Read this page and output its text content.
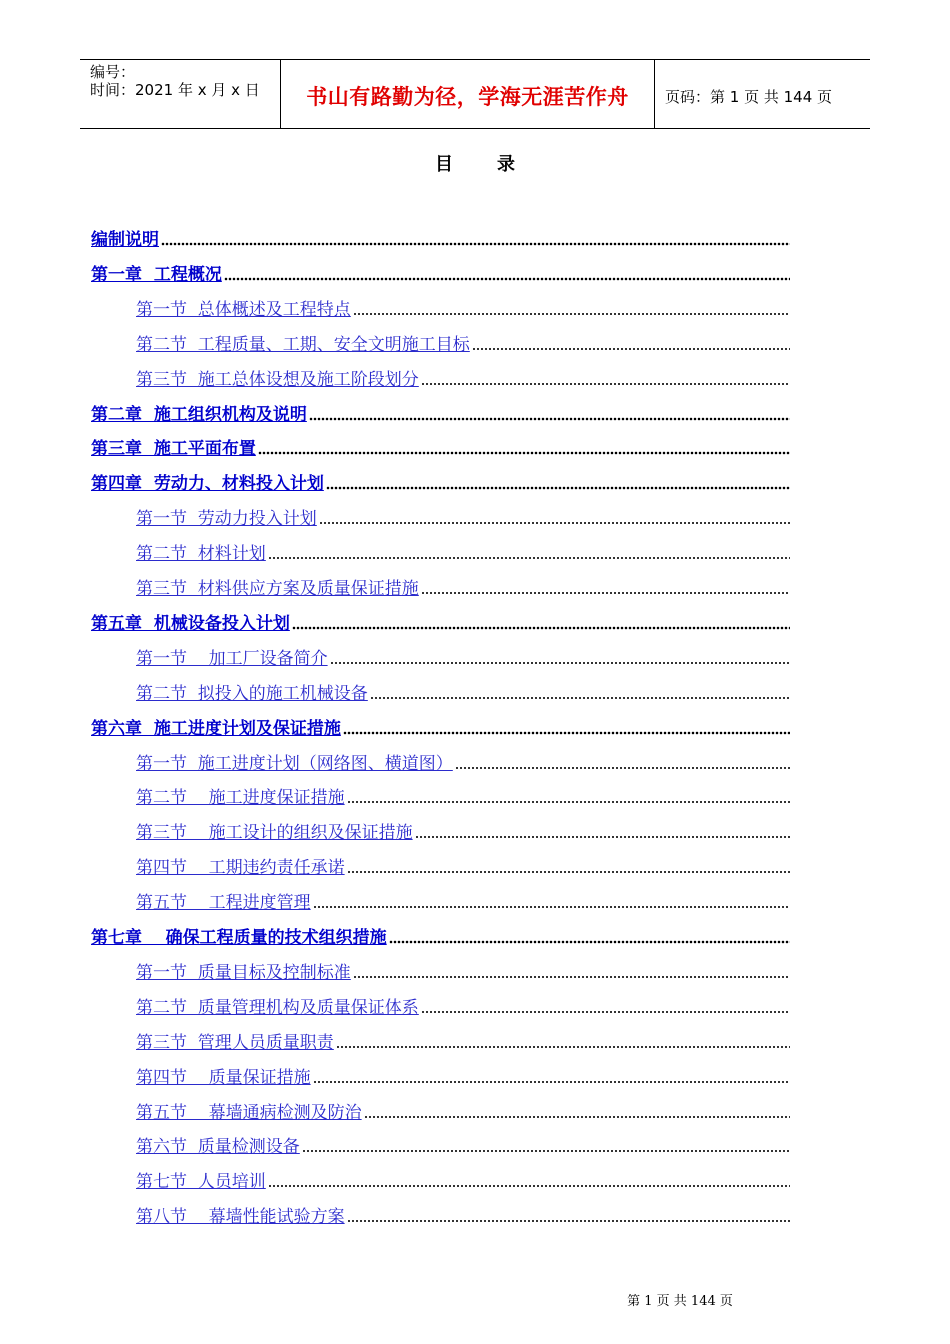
编号：
时间：2021 年 x 月 x 日	书山有路勤为径，学海无涯苦作舟	页码：第 1 页 共 144 页
目 录
编制说明
第一章  工程概况
第一节  总体概述及工程特点
第二节  工程质量、工期、安全文明施工目标
第三节  施工总体设想及施工阶段划分
第二章  施工组织机构及说明
第三章  施工平面布置
第四章  劳动力、材料投入计划
第一节  劳动力投入计划
第二节  材料计划
第三节  材料供应方案及质量保证措施
第五章  机械设备投入计划
第一节    加工厂设备简介
第二节  拟投入的施工机械设备
第六章  施工进度计划及保证措施
第一节  施工进度计划（网络图、横道图）
第二节    施工进度保证措施
第三节    施工设计的组织及保证措施
第四节    工期违约责任承诺
第五节    工程进度管理
第七章    确保工程质量的技术组织措施
第一节  质量目标及控制标准
第二节  质量管理机构及质量保证体系
第三节  管理人员质量职责
第四节    质量保证措施
第五节    幕墙通病检测及防治
第六节  质量检测设备
第七节  人员培训
第八节    幕墙性能试验方案
第 1 页 共 144 页
